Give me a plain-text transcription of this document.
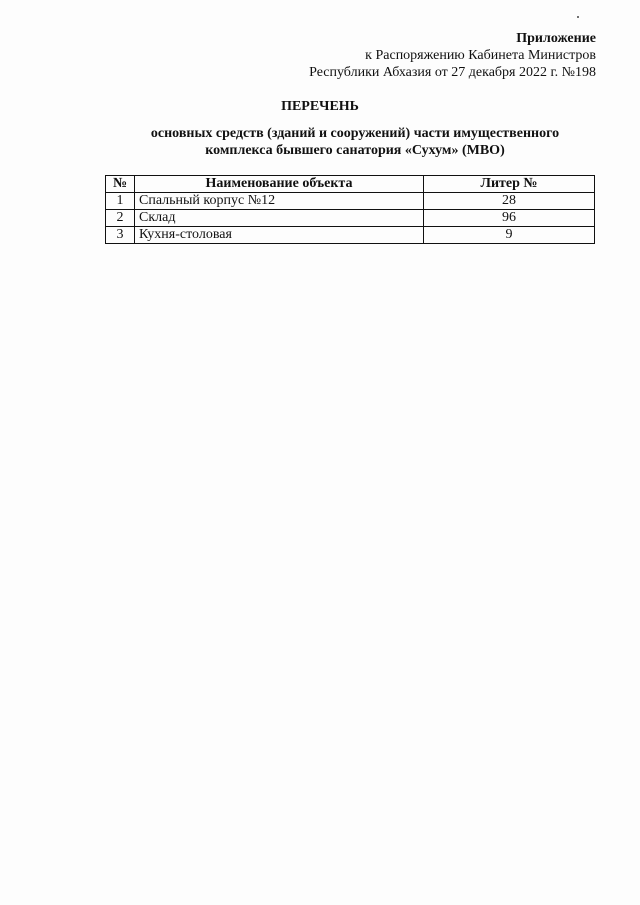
Приложение
к Распоряжению Кабинета Министров
Республики Абхазия от 27 декабря 2022 г. №198
ПЕРЕЧЕНЬ
основных средств (зданий и сооружений) части имущественного
комплекса бывшего санатория «Сухум» (МВО)
№	Наименование объекта	Литер №
1	Спальный корпус №12	28
2	Склад	96
3	Кухня-столовая	9
